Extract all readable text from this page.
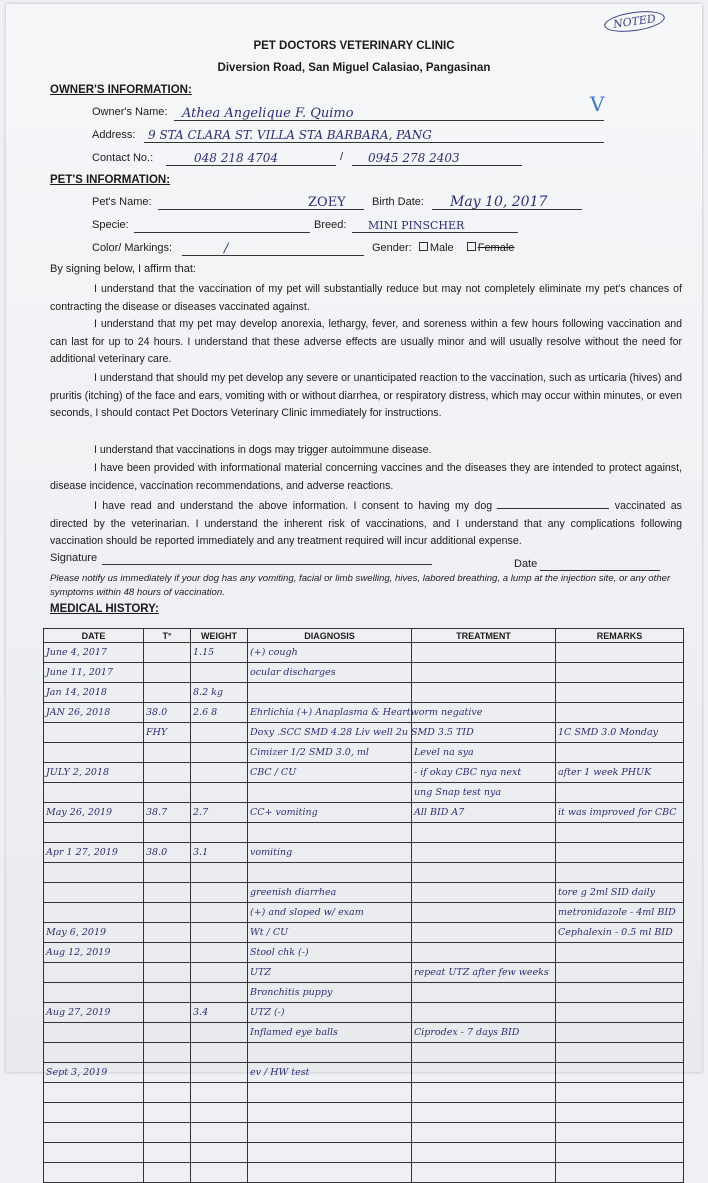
NOTED
PET DOCTORS VETERINARY CLINIC
Diversion Road, San Miguel Calasiao, Pangasinan
OWNER'S INFORMATION:
Owner's Name:	Athea Angelique F. Quimo	V
Address:	9 STA CLARA ST. VILLA STA BARBARA, PANG
Contact No.:	048 218 4704	/	0945 278 2403
PET'S INFORMATION:
Pet's Name:	ZOEY	Birth Date:	May 10, 2017
Specie:	Breed:	MINI PINSCHER
Color/ Markings:	/	Gender: Male Female
By signing below, I affirm that:
I understand that the vaccination of my pet will substantially reduce but may not completely eliminate my pet's chances of contracting the disease or diseases vaccinated against.
I understand that my pet may develop anorexia, lethargy, fever, and soreness within a few hours following vaccination and can last for up to 24 hours. I understand that these adverse effects are usually minor and will usually resolve without the need for additional veterinary care.
I understand that should my pet develop any severe or unanticipated reaction to the vaccination, such as urticaria (hives) and pruritis (itching) of the face and ears, vomiting with or without diarrhea, or respiratory distress, which may occur within minutes, or even seconds, I should contact Pet Doctors Veterinary Clinic immediately for instructions.
I understand that vaccinations in dogs may trigger autoimmune disease.
I have been provided with informational material concerning vaccines and the diseases they are intended to protect against, disease incidence, vaccination recommendations, and adverse reactions.
I have read and understand the above information. I consent to having my dog	vaccinated as directed by the veterinarian. I understand the inherent risk of vaccinations, and I understand that any complications following vaccination should be reported immediately and any treatment required will incur additional expense.
Signature	Date
Please notify us immediately if your dog has any vomiting, facial or limb swelling, hives, labored breathing, a lump at the injection site, or any other symptoms within 48 hours of vaccination.
MEDICAL HISTORY:
DATE	T°	WEIGHT	DIAGNOSIS	TREATMENT	REMARKS
June 4, 2017		1.15	(+) cough		
June 11, 2017			ocular discharges		
Jan 14, 2018		8.2 kg			
JAN 26, 2018	38.0	2.6 8	Ehrlichia (+) Anaplasma & Heartworm negative		
	FHY		Doxy .SCC SMD 4.28 Liv well 2u SMD 3.5 TID		1C SMD 3.0 Monday
			Cimizer 1/2 SMD 3.0, ml	Level na sya	
JULY 2, 2018			CBC / CU	- if okay CBC nya next	after 1 week PHUK
				ung Snap test nya	
May 26, 2019	38.7	2.7	CC+ vomiting	All BID A7	it was improved for CBC

Apr 1 27, 2019	38.0	3.1	vomiting		

			greenish diarrhea		tore g 2ml SID daily
			(+) and sloped w/ exam		metronidazole - 4ml BID
May 6, 2019			Wt / CU		Cephalexin - 0.5 ml BID
Aug 12, 2019			Stool chk (-)		
			UTZ	repeat UTZ after few weeks	
			Bronchitis puppy		
Aug 27, 2019		3.4	UTZ (-)		
			Inflamed eye balls	Ciprodex - 7 days BID	

Sept 3, 2019			ev / HW test		
